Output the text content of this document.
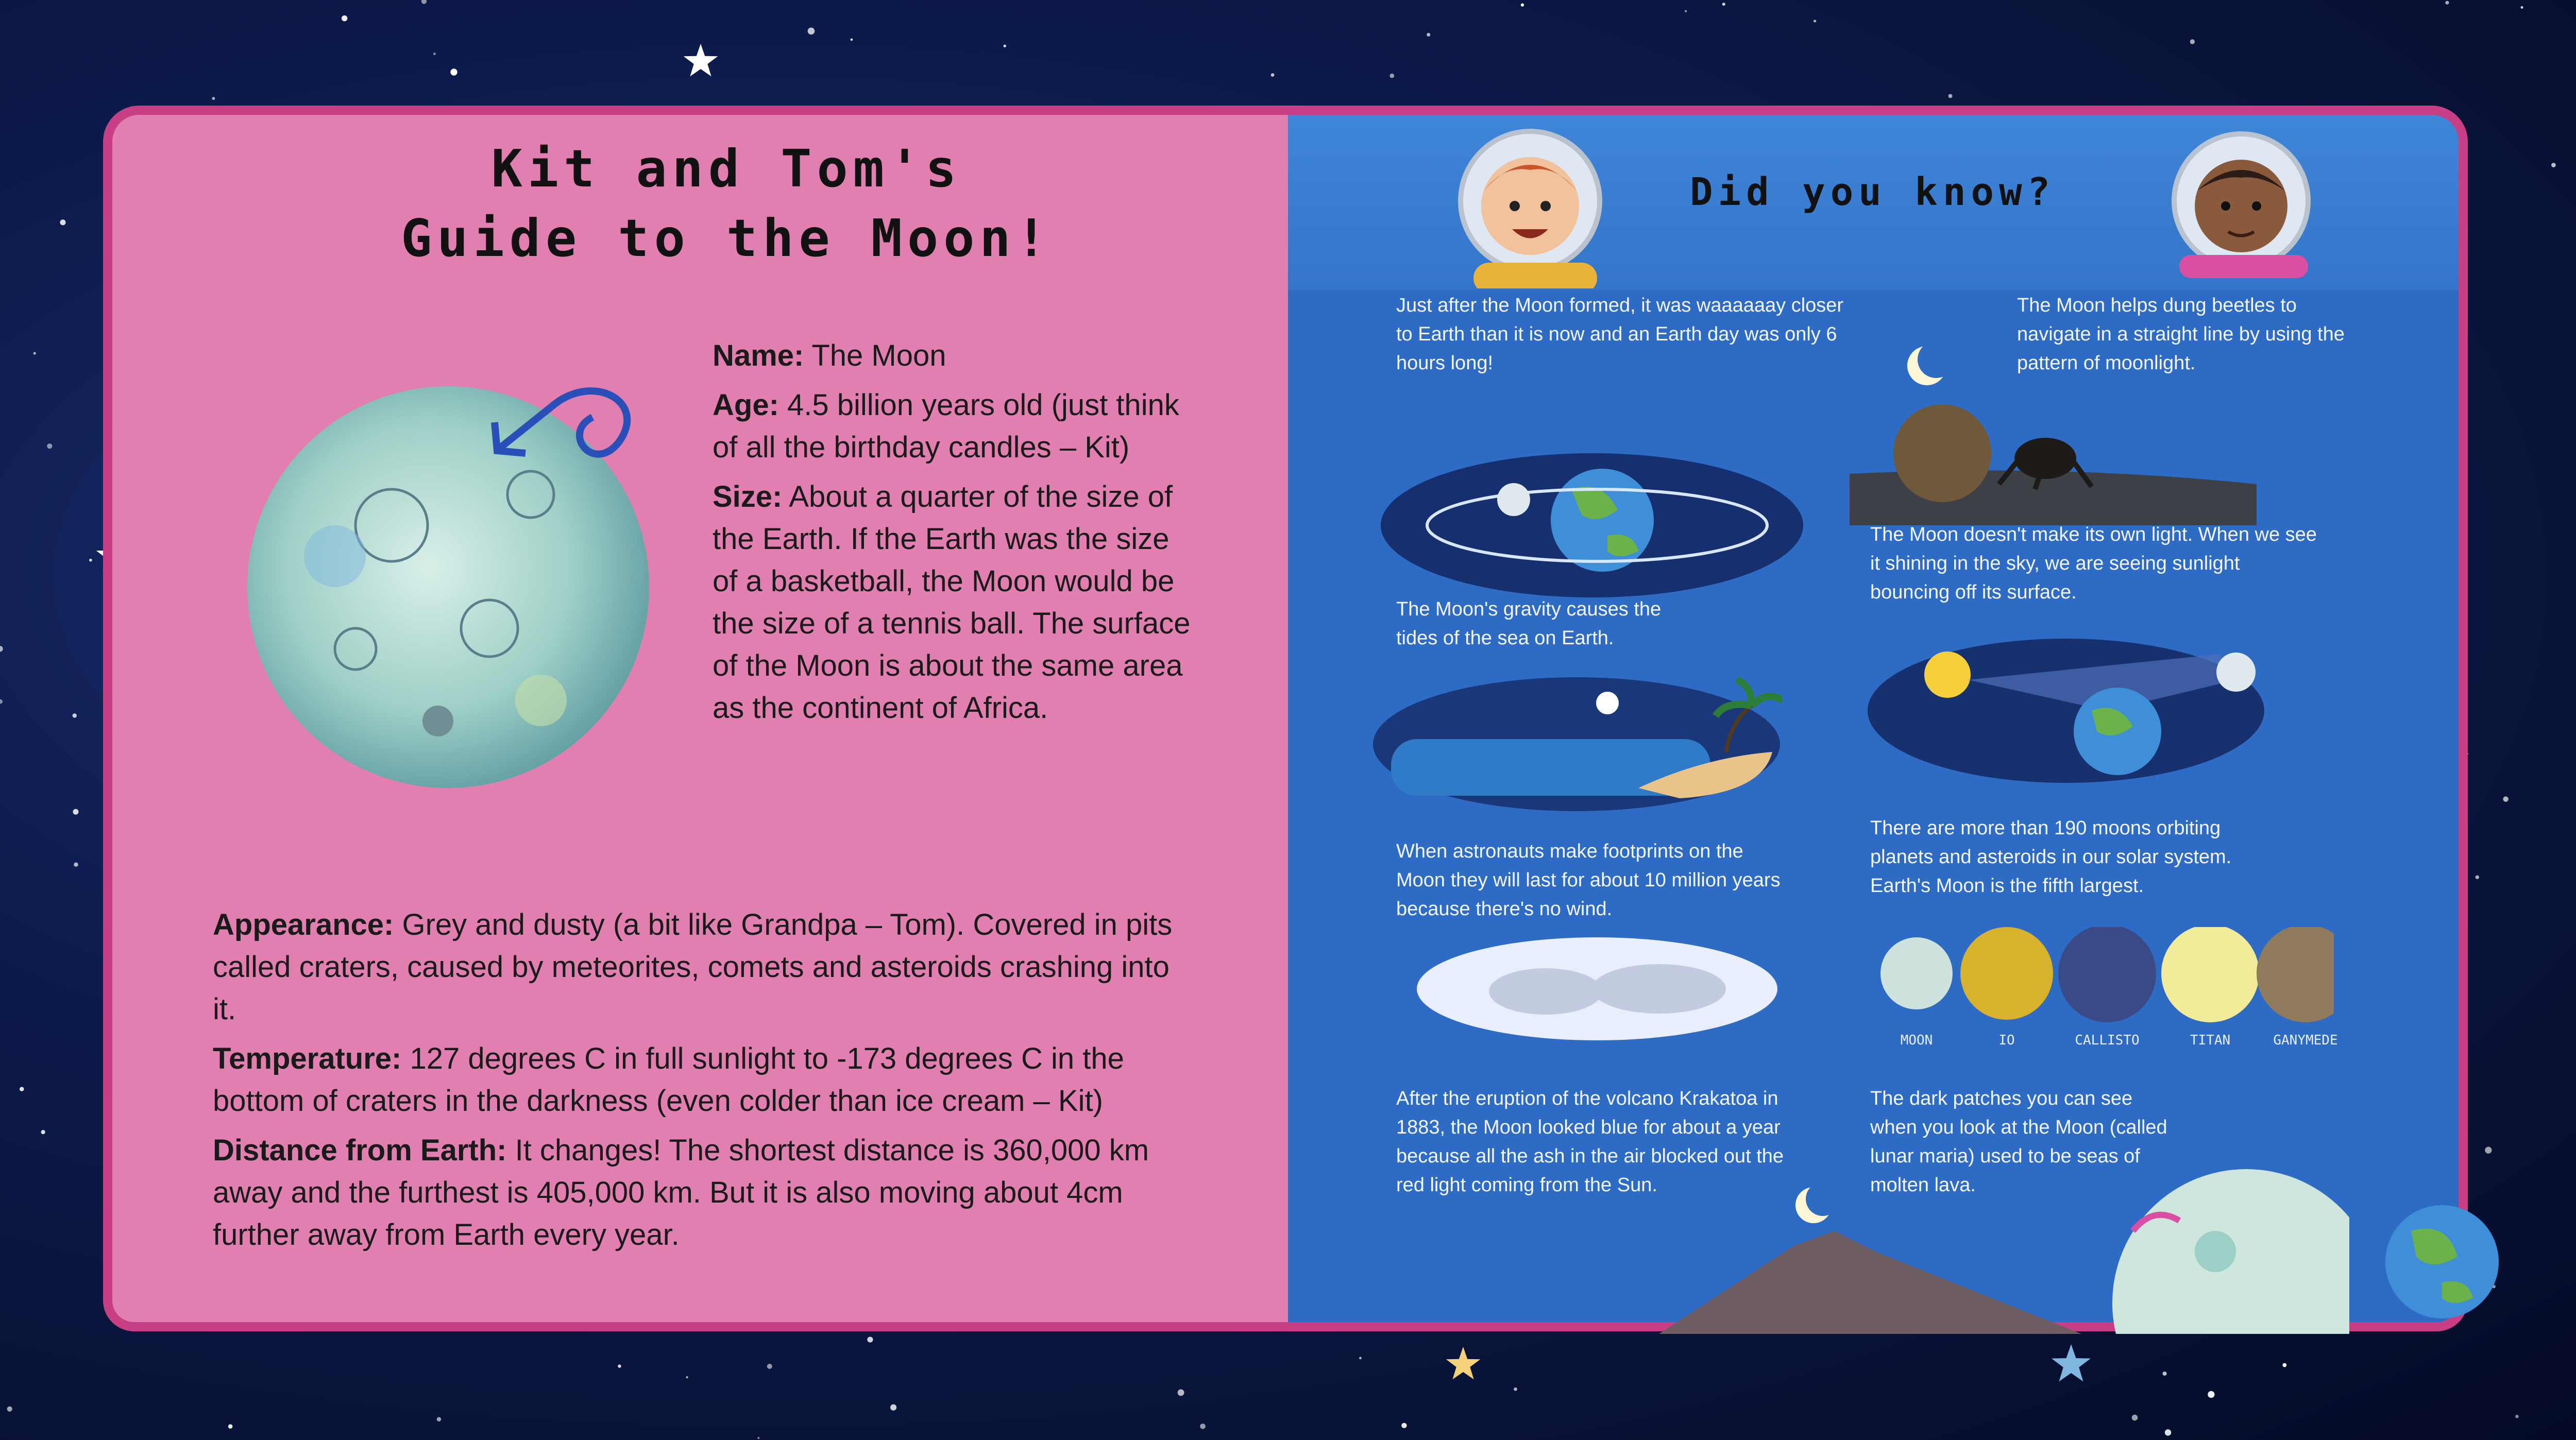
Kit and Tom's
Guide to the Moon!

Name: The Moon

Age: 4.5 billion years old (just think of all the birthday candles – Kit)

Size: About a quarter of the size of the Earth. If the Earth was the size of a basketball, the Moon would be the size of a tennis ball. The surface of the Moon is about the same area as the continent of Africa.

Appearance: Grey and dusty (a bit like Grandpa – Tom). Covered in pits called craters, caused by meteorites, comets and asteroids crashing into it.

Temperature: 127 degrees C in full sunlight to -173 degrees C in the bottom of craters in the darkness (even colder than ice cream – Kit)

Distance from Earth: It changes! The shortest distance is 360,000 km away and the furthest is 405,000 km. But it is also moving about 4cm further away from Earth every year.

Did you know?
MOON	IO	CALLISTO	TITAN	GANYMEDE
Just after the Moon formed, it was waaaaaay closer to Earth than it is now and an Earth day was only 6 hours long!
The Moon helps dung beetles to navigate in a straight line by using the pattern of moonlight.
The Moon's gravity causes the tides of the sea on Earth.
The Moon doesn't make its own light. When we see it shining in the sky, we are seeing sunlight bouncing off its surface.
When astronauts make footprints on the Moon they will last for about 10 million years because there's no wind.
There are more than 190 moons orbiting planets and asteroids in our solar system. Earth's Moon is the fifth largest.
After the eruption of the volcano Krakatoa in 1883, the Moon looked blue for about a year because all the ash in the air blocked out the red light coming from the Sun.
The dark patches you can see when you look at the Moon (called lunar maria) used to be seas of molten lava.
